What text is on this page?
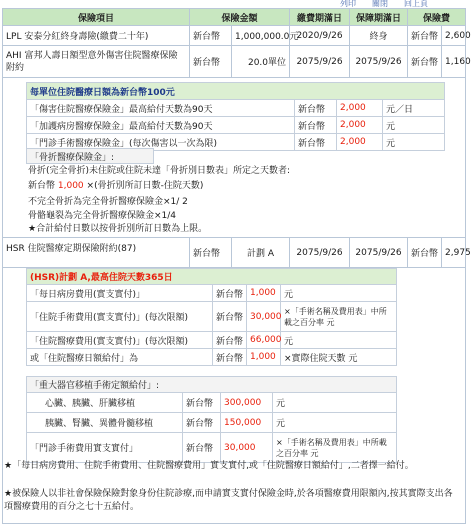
列印 關閉 回上頁
保險項目	保險金額		繳費期滿日	保障期滿日	保險費	
LPL 安泰分紅終身壽險(繳費二十年)	新台幣	1,000,000.0元	2020/9/26	終身	新台幣	2,600
AHI 富邦人壽日額型意外傷害住院醫療保險附約	新台幣	20.0單位	2075/9/26	2075/9/26	新台幣	1,160
每單位住院醫療日額為新台幣100元			
「傷害住院醫療保險金」最高給付天數為90天	新台幣	2,000	元／日
「加護病房醫療保險金」最高給付天數為90天	新台幣	2,000	元
「門診手術醫療保險金」(每次傷害以一次為限)	新台幣	2,000	元
「骨折醫療保險金」:
骨折(完全骨折)未住院或住院未達「骨折別日數表」所定之天數者:
新台幣 1,000 ×(骨折別所訂日數-住院天數)
不完全骨折為完全骨折醫療保險金×1/ 2
骨骼龜裂為完全骨折醫療保險金×1/4
★合計給付日數以按骨折別所訂日數為上限。
HSR 住院醫療定期保險附約(87)	新台幣	計劃 A	2075/9/26	2075/9/26	新台幣	2,975
(HSR)計劃 A,最高住院天數365日			
「每日病房費用(實支實付)」	新台幣	1,000	元
「住院手術費用(實支實付)」(每次限額)	新台幣	30,000	×「手術名稱及費用表」中所載之百分率 元
「住院醫療費用(實支實付)」(每次限額)	新台幣	66,000	元
或「住院醫療日額給付」為	新台幣	1,000	×實際住院天數 元
「重大器官移植手術定額給付」:			
心臟、胰臟、肝臟移植	新台幣	300,000	元
胰臟、腎臟、異體骨髓移植	新台幣	150,000	元
「門診手術費用實支實付」	新台幣	30,000	×「手術名稱及費用表」中所載之百分率 元
★「每日病房費用、住院手術費用、住院醫療費用」實支實付,或「住院醫療日額給付」,二者擇一給付。
★被保險人以非社會保險保險對象身份住院診療,而申請實支實付保險金時,於各項醫療費用限額內,按其實際支出各項醫療費用的百分之七十五給付。
